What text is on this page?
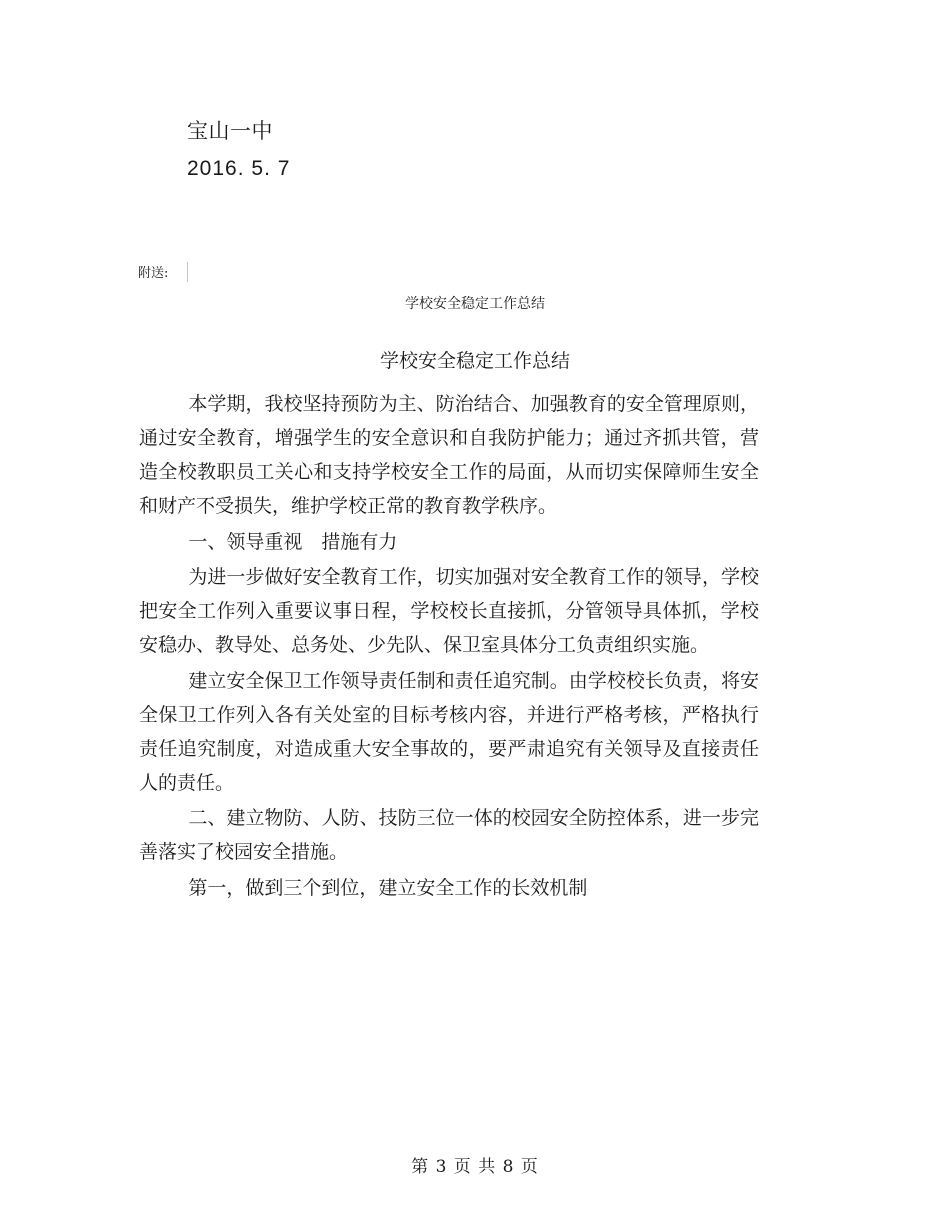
宝山一中
2016. 5. 7
附送:
学校安全稳定工作总结
学校安全稳定工作总结

本学期，我校坚持预防为主、防治结合、加强教育的安全管理原则，通过安全教育，增强学生的安全意识和自我防护能力；通过齐抓共管，营造全校教职员工关心和支持学校安全工作的局面，从而切实保障师生安全和财产不受损失，维护学校正常的教育教学秩序。

一、领导重视　措施有力

为进一步做好安全教育工作，切实加强对安全教育工作的领导，学校把安全工作列入重要议事日程，学校校长直接抓，分管领导具体抓，学校安稳办、教导处、总务处、少先队、保卫室具体分工负责组织实施。

建立安全保卫工作领导责任制和责任追究制。由学校校长负责，将安全保卫工作列入各有关处室的目标考核内容，并进行严格考核，严格执行责任追究制度，对造成重大安全事故的，要严肃追究有关领导及直接责任人的责任。

二、建立物防、人防、技防三位一体的校园安全防控体系，进一步完善落实了校园安全措施。

第一，做到三个到位，建立安全工作的长效机制

第 3 页 共 8 页
